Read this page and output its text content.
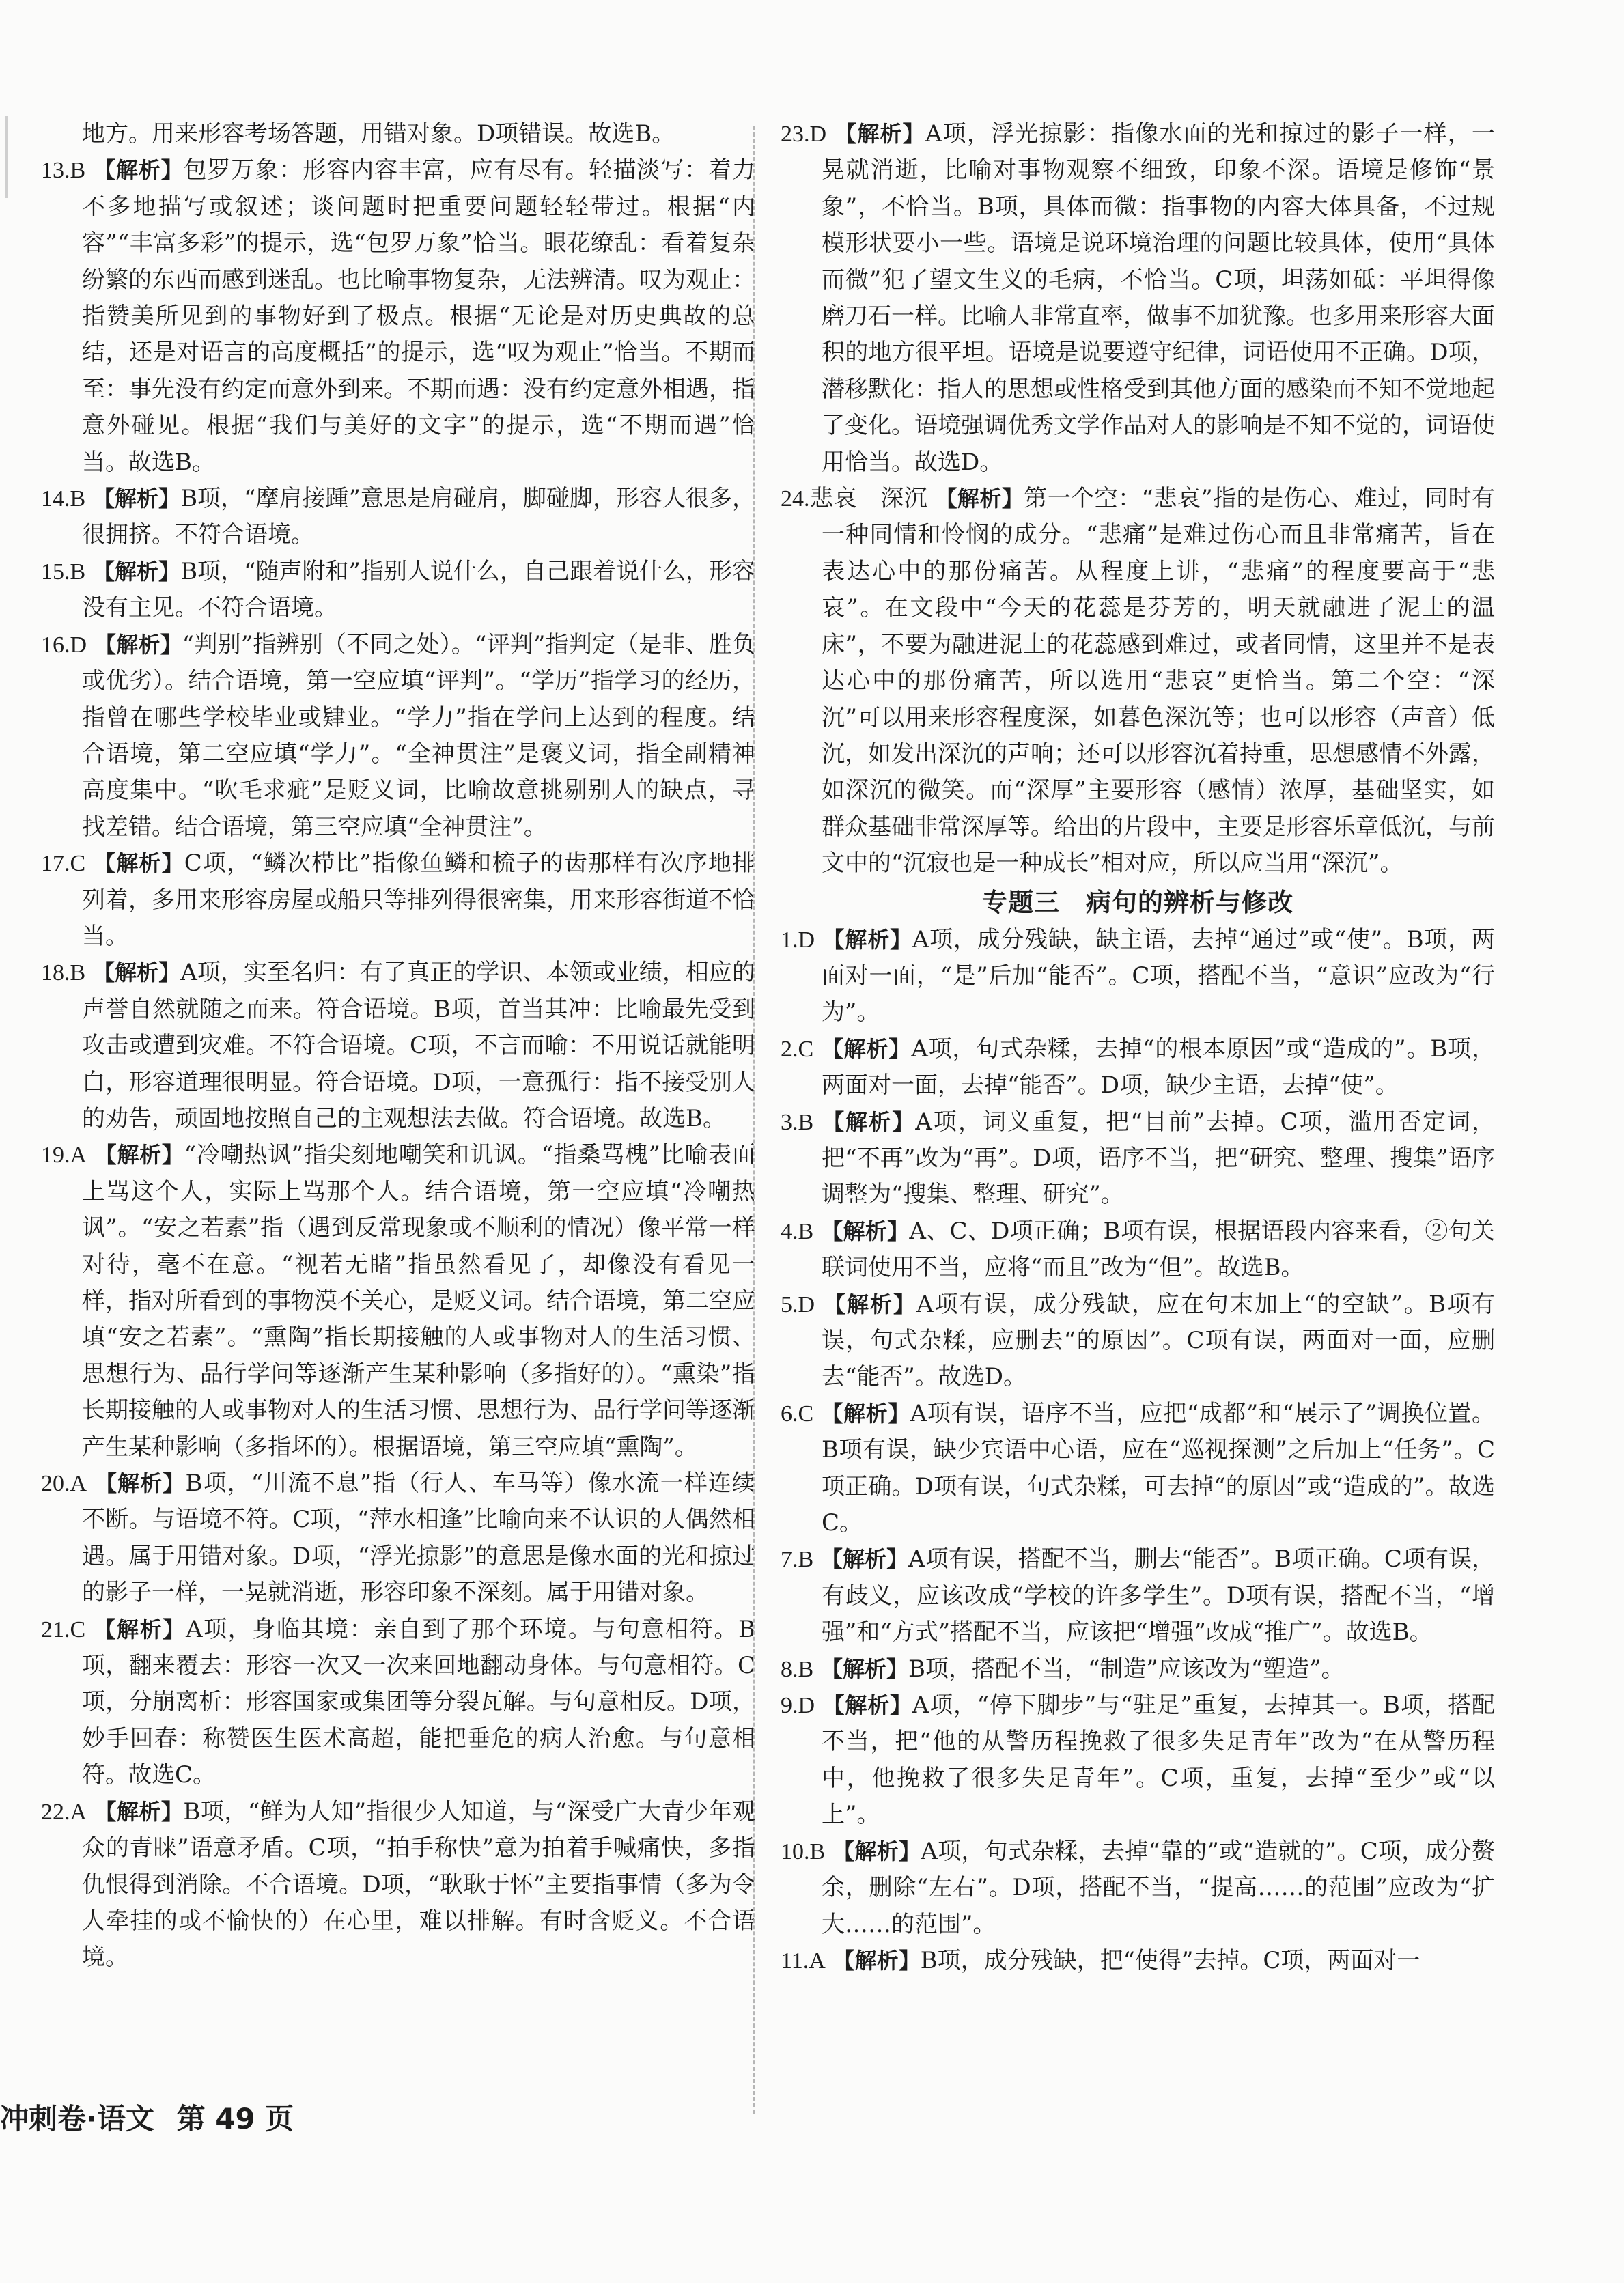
地方。用来形容考场答题，用错对象。D项错误。故选B。

13.B 【解析】包罗万象：形容内容丰富，应有尽有。轻描淡写：着力不多地描写或叙述；谈问题时把重要问题轻轻带过。根据“内容”“丰富多彩”的提示，选“包罗万象”恰当。眼花缭乱：看着复杂纷繁的东西而感到迷乱。也比喻事物复杂，无法辨清。叹为观止：指赞美所见到的事物好到了极点。根据“无论是对历史典故的总结，还是对语言的高度概括”的提示，选“叹为观止”恰当。不期而至：事先没有约定而意外到来。不期而遇：没有约定意外相遇，指意外碰见。根据“我们与美好的文字”的提示，选“不期而遇”恰当。故选B。

14.B 【解析】B项，“摩肩接踵”意思是肩碰肩，脚碰脚，形容人很多，很拥挤。不符合语境。

15.B 【解析】B项，“随声附和”指别人说什么，自己跟着说什么，形容没有主见。不符合语境。

16.D 【解析】“判别”指辨别（不同之处）。“评判”指判定（是非、胜负或优劣）。结合语境，第一空应填“评判”。“学历”指学习的经历，指曾在哪些学校毕业或肄业。“学力”指在学问上达到的程度。结合语境，第二空应填“学力”。“全神贯注”是褒义词，指全副精神高度集中。“吹毛求疵”是贬义词，比喻故意挑剔别人的缺点，寻找差错。结合语境，第三空应填“全神贯注”。

17.C 【解析】C项，“鳞次栉比”指像鱼鳞和梳子的齿那样有次序地排列着，多用来形容房屋或船只等排列得很密集，用来形容街道不恰当。

18.B 【解析】A项，实至名归：有了真正的学识、本领或业绩，相应的声誉自然就随之而来。符合语境。B项，首当其冲：比喻最先受到攻击或遭到灾难。不符合语境。C项，不言而喻：不用说话就能明白，形容道理很明显。符合语境。D项，一意孤行：指不接受别人的劝告，顽固地按照自己的主观想法去做。符合语境。故选B。

19.A 【解析】“冷嘲热讽”指尖刻地嘲笑和讥讽。“指桑骂槐”比喻表面上骂这个人，实际上骂那个人。结合语境，第一空应填“冷嘲热讽”。“安之若素”指（遇到反常现象或不顺利的情况）像平常一样对待，毫不在意。“视若无睹”指虽然看见了，却像没有看见一样，指对所看到的事物漠不关心，是贬义词。结合语境，第二空应填“安之若素”。“熏陶”指长期接触的人或事物对人的生活习惯、思想行为、品行学问等逐渐产生某种影响（多指好的）。“熏染”指长期接触的人或事物对人的生活习惯、思想行为、品行学问等逐渐产生某种影响（多指坏的）。根据语境，第三空应填“熏陶”。

20.A 【解析】B项，“川流不息”指（行人、车马等）像水流一样连续不断。与语境不符。C项，“萍水相逢”比喻向来不认识的人偶然相遇。属于用错对象。D项，“浮光掠影”的意思是像水面的光和掠过的影子一样，一晃就消逝，形容印象不深刻。属于用错对象。

21.C 【解析】A项，身临其境：亲自到了那个环境。与句意相符。B项，翻来覆去：形容一次又一次来回地翻动身体。与句意相符。C项，分崩离析：形容国家或集团等分裂瓦解。与句意相反。D项，妙手回春：称赞医生医术高超，能把垂危的病人治愈。与句意相符。故选C。

22.A 【解析】B项，“鲜为人知”指很少人知道，与“深受广大青少年观众的青睐”语意矛盾。C项，“拍手称快”意为拍着手喊痛快，多指仇恨得到消除。不合语境。D项，“耿耿于怀”主要指事情（多为令人牵挂的或不愉快的）在心里，难以排解。有时含贬义。不合语境。

23.D 【解析】A项，浮光掠影：指像水面的光和掠过的影子一样，一晃就消逝，比喻对事物观察不细致，印象不深。语境是修饰“景象”，不恰当。B项，具体而微：指事物的内容大体具备，不过规模形状要小一些。语境是说环境治理的问题比较具体，使用“具体而微”犯了望文生义的毛病，不恰当。C项，坦荡如砥：平坦得像磨刀石一样。比喻人非常直率，做事不加犹豫。也多用来形容大面积的地方很平坦。语境是说要遵守纪律，词语使用不正确。D项，潜移默化：指人的思想或性格受到其他方面的感染而不知不觉地起了变化。语境强调优秀文学作品对人的影响是不知不觉的，词语使用恰当。故选D。

24.悲哀　深沉 【解析】第一个空：“悲哀”指的是伤心、难过，同时有一种同情和怜悯的成分。“悲痛”是难过伤心而且非常痛苦，旨在表达心中的那份痛苦。从程度上讲，“悲痛”的程度要高于“悲哀”。在文段中“今天的花蕊是芬芳的，明天就融进了泥土的温床”，不要为融进泥土的花蕊感到难过，或者同情，这里并不是表达心中的那份痛苦，所以选用“悲哀”更恰当。第二个空：“深沉”可以用来形容程度深，如暮色深沉等；也可以形容（声音）低沉，如发出深沉的声响；还可以形容沉着持重，思想感情不外露，如深沉的微笑。而“深厚”主要形容（感情）浓厚，基础坚实，如群众基础非常深厚等。给出的片段中，主要是形容乐章低沉，与前文中的“沉寂也是一种成长”相对应，所以应当用“深沉”。

专题三　病句的辨析与修改

1.D 【解析】A项，成分残缺，缺主语，去掉“通过”或“使”。B项，两面对一面，“是”后加“能否”。C项，搭配不当，“意识”应改为“行为”。

2.C 【解析】A项，句式杂糅，去掉“的根本原因”或“造成的”。B项，两面对一面，去掉“能否”。D项，缺少主语，去掉“使”。

3.B 【解析】A项，词义重复，把“目前”去掉。C项，滥用否定词，把“不再”改为“再”。D项，语序不当，把“研究、整理、搜集”语序调整为“搜集、整理、研究”。

4.B 【解析】A、C、D项正确；B项有误，根据语段内容来看，②句关联词使用不当，应将“而且”改为“但”。故选B。

5.D 【解析】A项有误，成分残缺，应在句末加上“的空缺”。B项有误，句式杂糅，应删去“的原因”。C项有误，两面对一面，应删去“能否”。故选D。

6.C 【解析】A项有误，语序不当，应把“成都”和“展示了”调换位置。B项有误，缺少宾语中心语，应在“巡视探测”之后加上“任务”。C项正确。D项有误，句式杂糅，可去掉“的原因”或“造成的”。故选C。

7.B 【解析】A项有误，搭配不当，删去“能否”。B项正确。C项有误，有歧义，应该改成“学校的许多学生”。D项有误，搭配不当，“增强”和“方式”搭配不当，应该把“增强”改成“推广”。故选B。

8.B 【解析】B项，搭配不当，“制造”应该改为“塑造”。

9.D 【解析】A项，“停下脚步”与“驻足”重复，去掉其一。B项，搭配不当，把“他的从警历程挽救了很多失足青年”改为“在从警历程中，他挽救了很多失足青年”。C项，重复，去掉“至少”或“以上”。

10.B 【解析】A项，句式杂糅，去掉“靠的”或“造就的”。C项，成分赘余，删除“左右”。D项，搭配不当，“提高……的范围”应改为“扩大……的范围”。

11.A 【解析】B项，成分残缺，把“使得”去掉。C项，两面对一

冲刺卷·语文 第 49 页
